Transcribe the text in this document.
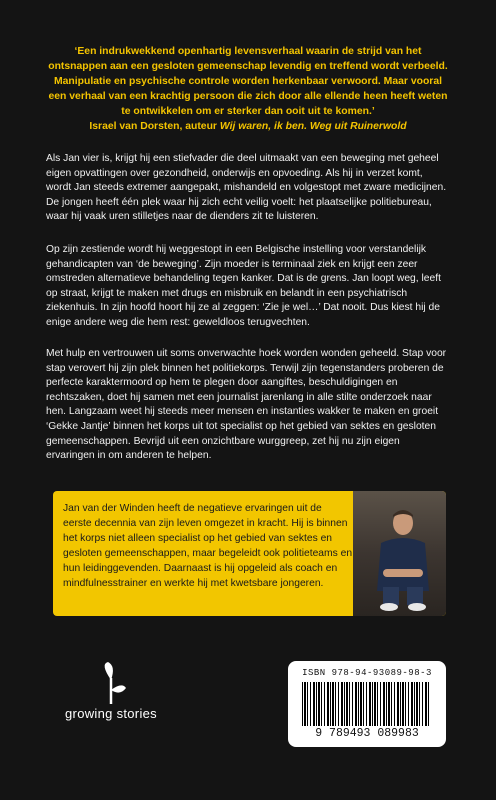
‘Een indrukwekkend openhartig levensverhaal waarin de strijd van het ontsnappen aan een gesloten gemeenschap levendig en treffend wordt verbeeld. Manipulatie en psychische controle worden herkenbaar verwoord. Maar vooral een verhaal van een krachtig persoon die zich door alle ellende heen heeft weten te ontwikkelen om er sterker dan ooit uit te komen.’
Israel van Dorsten, auteur Wij waren, ik ben. Weg uit Ruinerwold

Als Jan vier is, krijgt hij een stiefvader die deel uitmaakt van een beweging met geheel eigen opvattingen over gezondheid, onderwijs en opvoeding. Als hij in verzet komt, wordt Jan steeds extremer aangepakt, mishandeld en volgestopt met zware medicijnen. De jongen heeft één plek waar hij zich echt veilig voelt: het plaatselijke politiebureau, waar hij vaak uren stilletjes naar de dienders zit te luisteren.

Op zijn zestiende wordt hij weggestopt in een Belgische instelling voor verstandelijk gehandicapten van ‘de beweging’. Zijn moeder is terminaal ziek en krijgt een zeer omstreden alternatieve behandeling tegen kanker. Dat is de grens. Jan loopt weg, leeft op straat, krijgt te maken met drugs en misbruik en belandt in een psychiatrisch ziekenhuis. In zijn hoofd hoort hij ze al zeggen: ‘Zie je wel…’ Dat nooit. Dus kiest hij de enige andere weg die hem rest: geweldloos terugvechten.

Met hulp en vertrouwen uit soms onverwachte hoek worden wonden geheeld. Stap voor stap verovert hij zijn plek binnen het politiekorps. Terwijl zijn tegenstanders proberen de perfecte karaktermoord op hem te plegen door aangiftes, beschuldigingen en rechtszaken, doet hij samen met een journalist jarenlang in alle stilte onderzoek naar hen. Langzaam weet hij steeds meer mensen en instanties wakker te maken en groeit ‘Gekke Jantje’ binnen het korps uit tot specialist op het gebied van sektes en gesloten gemeenschappen. Bevrijd uit een onzichtbare wurggreep, zet hij nu zijn eigen ervaringen in om anderen te helpen.

Jan van der Winden heeft de negatieve ervaringen uit de eerste decennia van zijn leven omgezet in kracht. Hij is binnen het korps niet alleen specialist op het gebied van sektes en gesloten gemeenschappen, maar begeleidt ook politieteams en hun leidinggevenden. Daarnaast is hij opgeleid als coach en mindfulnesstrainer en werkte hij met kwetsbare jongeren.
growing stories
ISBN 978-94-93089-98-3
9 789493 089983
